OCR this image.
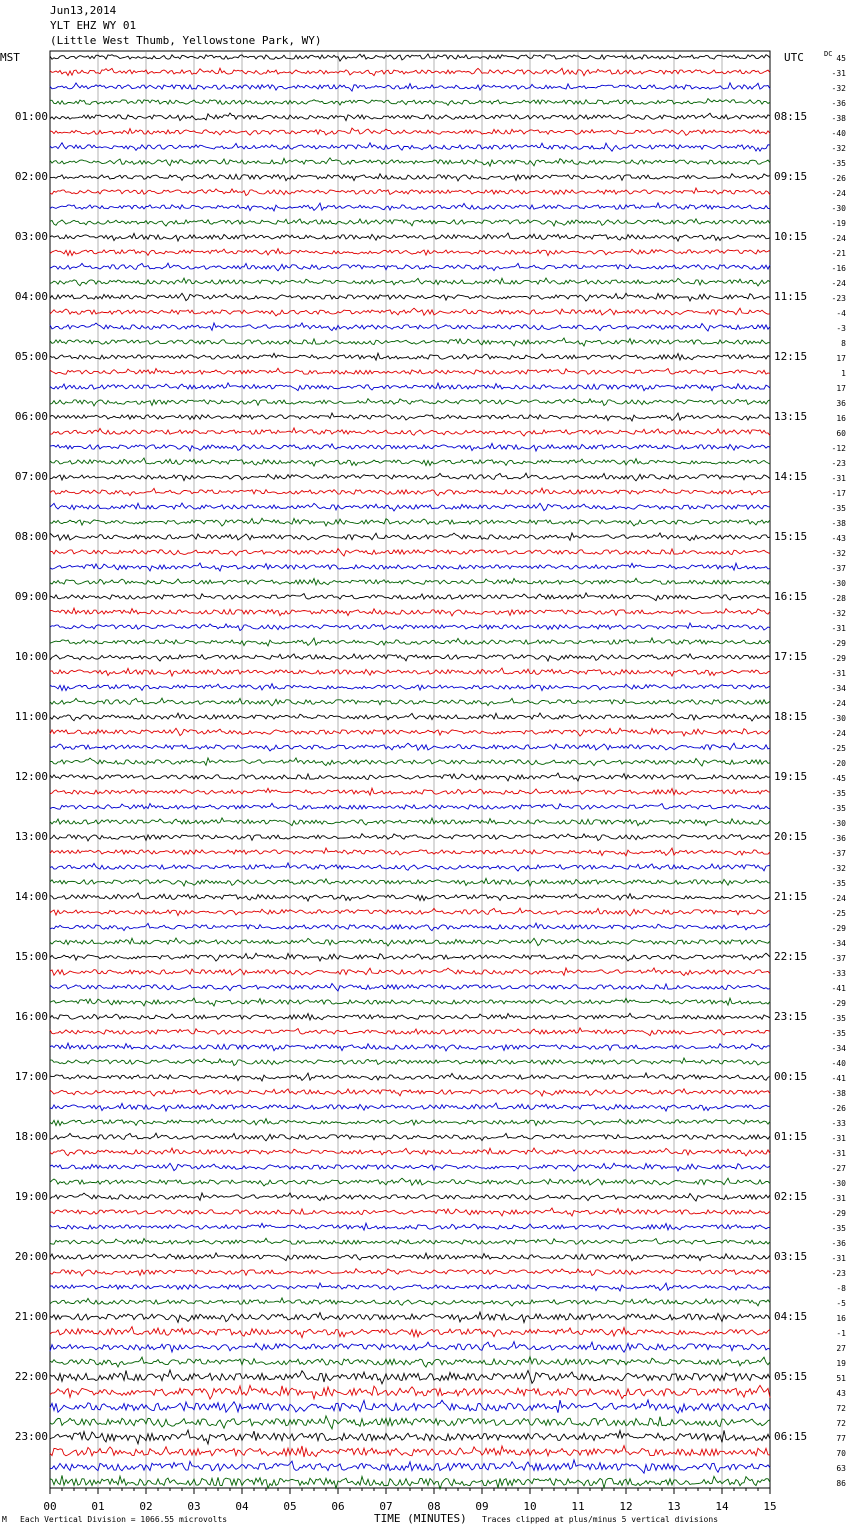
Jun13,2014
YLT EHZ WY 01
(Little West Thumb, Yellowstone Park, WY)
MST	UTC	DC
01:00
02:00
03:00
04:00
05:00
06:00
07:00
08:00
09:00
10:00
11:00
12:00
13:00
14:00
15:00
16:00
17:00
18:00
19:00
20:00
21:00
22:00
23:00
08:15
09:15
10:15
11:15
12:15
13:15
14:15
15:15
16:15
17:15
18:15
19:15
20:15
21:15
22:15
23:15
00:15
01:15
02:15
03:15
04:15
05:15
06:15
45
-31
-32
-36
-38
-40
-32
-35
-26
-24
-30
-19
-24
-21
-16
-24
-23
-4
-3
8
17
1
17
36
16
60
-12
-23
-31
-17
-35
-38
-43
-32
-37
-30
-28
-32
-31
-29
-29
-31
-34
-24
-30
-24
-25
-20
-45
-35
-35
-30
-36
-37
-32
-35
-24
-25
-29
-34
-37
-33
-41
-29
-35
-35
-34
-40
-41
-38
-26
-33
-31
-31
-27
-30
-31
-29
-35
-36
-31
-23
-8
-5
16
-1
27
19
51
43
72
72
77
70
63
86
00	01	02	03	04	05	06	07	08	09	10	11	12	13	14	15
TIME (MINUTES)
M Each Vertical Division = 1066.55 microvolts	Traces clipped at plus/minus 5 vertical divisions
